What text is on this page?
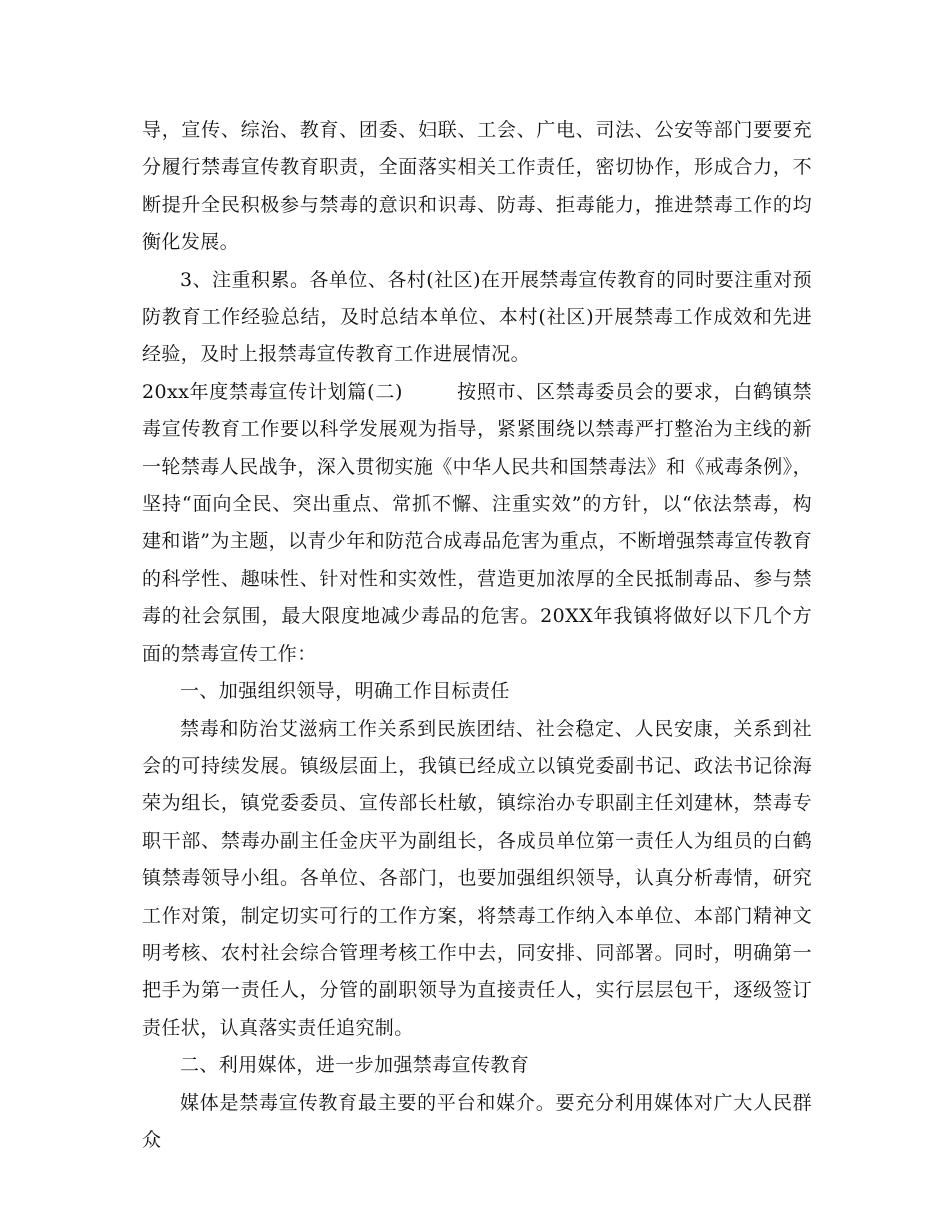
导，宣传、综治、教育、团委、妇联、工会、广电、司法、公安等部门要要充分履行禁毒宣传教育职责，全面落实相关工作责任，密切协作，形成合力，不断提升全民积极参与禁毒的意识和识毒、防毒、拒毒能力，推进禁毒工作的均衡化发展。

3、注重积累。各单位、各村(社区)在开展禁毒宣传教育的同时要注重对预防教育工作经验总结，及时总结本单位、本村(社区)开展禁毒工作成效和先进经验，及时上报禁毒宣传教育工作进展情况。

20xx年度禁毒宣传计划篇(二)	按照市、区禁毒委员会的要求，白鹤镇禁毒宣传教育工作要以科学发展观为指导，紧紧围绕以禁毒严打整治为主线的新一轮禁毒人民战争，深入贯彻实施《中华人民共和国禁毒法》和《戒毒条例》，坚持“面向全民、突出重点、常抓不懈、注重实效”的方针，以“依法禁毒，构建和谐”为主题，以青少年和防范合成毒品危害为重点，不断增强禁毒宣传教育的科学性、趣味性、针对性和实效性，营造更加浓厚的全民抵制毒品、参与禁毒的社会氛围，最大限度地减少毒品的危害。20XX年我镇将做好以下几个方面的禁毒宣传工作：

一、加强组织领导，明确工作目标责任

禁毒和防治艾滋病工作关系到民族团结、社会稳定、人民安康，关系到社会的可持续发展。镇级层面上，我镇已经成立以镇党委副书记、政法书记徐海荣为组长，镇党委委员、宣传部长杜敏，镇综治办专职副主任刘建林，禁毒专职干部、禁毒办副主任金庆平为副组长，各成员单位第一责任人为组员的白鹤镇禁毒领导小组。各单位、各部门，也要加强组织领导，认真分析毒情，研究工作对策，制定切实可行的工作方案，将禁毒工作纳入本单位、本部门精神文明考核、农村社会综合管理考核工作中去，同安排、同部署。同时，明确第一把手为第一责任人，分管的副职领导为直接责任人，实行层层包干，逐级签订责任状，认真落实责任追究制。

二、利用媒体，进一步加强禁毒宣传教育

媒体是禁毒宣传教育最主要的平台和媒介。要充分利用媒体对广大人民群众
